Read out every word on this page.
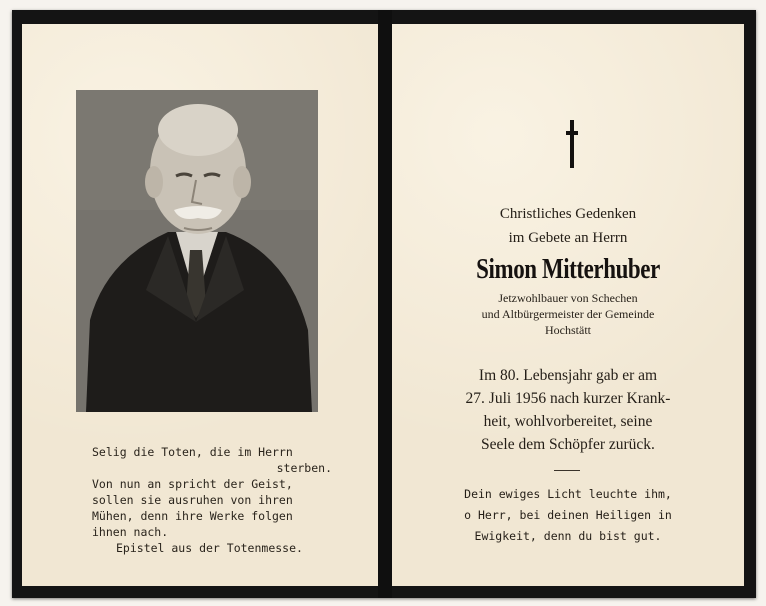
Selig die Toten, die im Herrn
sterben.
Von nun an spricht der Geist,
sollen sie ausruhen von ihren
Mühen, denn ihre Werke folgen
ihnen nach.
Epistel aus der Totenmesse.
Christliches Gedenken
im Gebete an Herrn
Simon Mitterhuber
Jetzwohlbauer von Schechen
und Altbürgermeister der Gemeinde
Hochstätt
Im 80. Lebensjahr gab er am
27. Juli 1956 nach kurzer Krank-
heit, wohlvorbereitet, seine
Seele dem Schöpfer zurück.
Dein ewiges Licht leuchte ihm,
o Herr, bei deinen Heiligen in
Ewigkeit, denn du bist gut.
